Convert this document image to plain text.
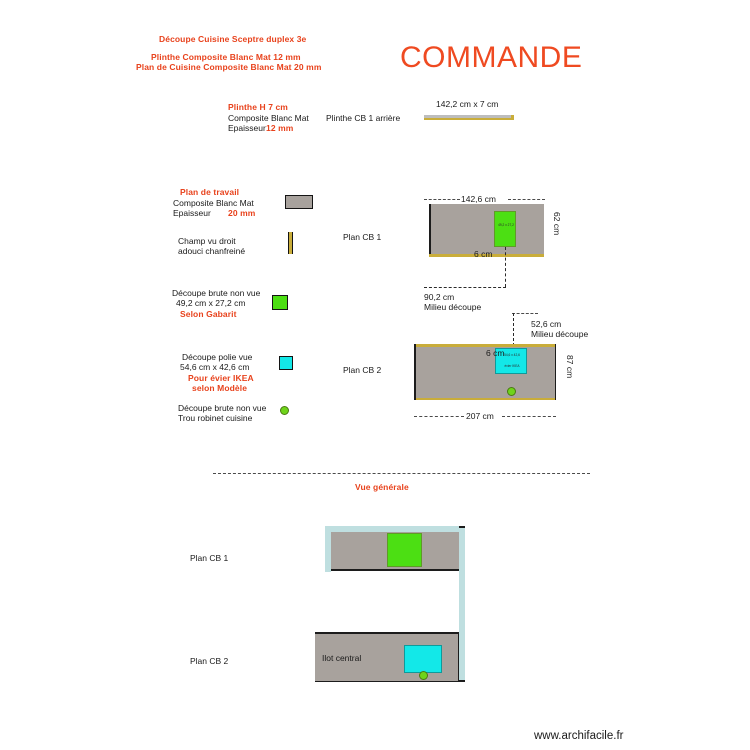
Découpe Cuisine Sceptre duplex 3e
Plinthe Composite Blanc Mat 12 mm
Plan de Cuisine Composite Blanc Mat 20 mm	COMMANDE
Plinthe H 7 cm
Composite Blanc Mat
Epaisseur 12 mm
Plinthe CB 1 arrière
142,2 cm x 7 cm
Plan de travail
Composite Blanc Mat
Epaisseur 20 mm
Champ vu droit
adouci chanfreiné
Découpe brute non vue
49,2 cm x 27,2 cm
Selon Gabarit
Découpe polie vue
54,6 cm x 42,6 cm
Pour évier IKEA
selon Modèle
Découpe brute non vue
Trou robinet cuisine
Plan CB 1
142,6 cm
49,2 x 27,2	62 cm
6 cm
90,2 cm
Milieu découpe
Plan CB 2
52,6 cm
Milieu découpe
54,6 x 42,6
évier IKEA
6 cm
87 cm
207 cm
Vue générale
Plan CB 1
Plan CB 2	Ilot central
www.archifacile.fr
